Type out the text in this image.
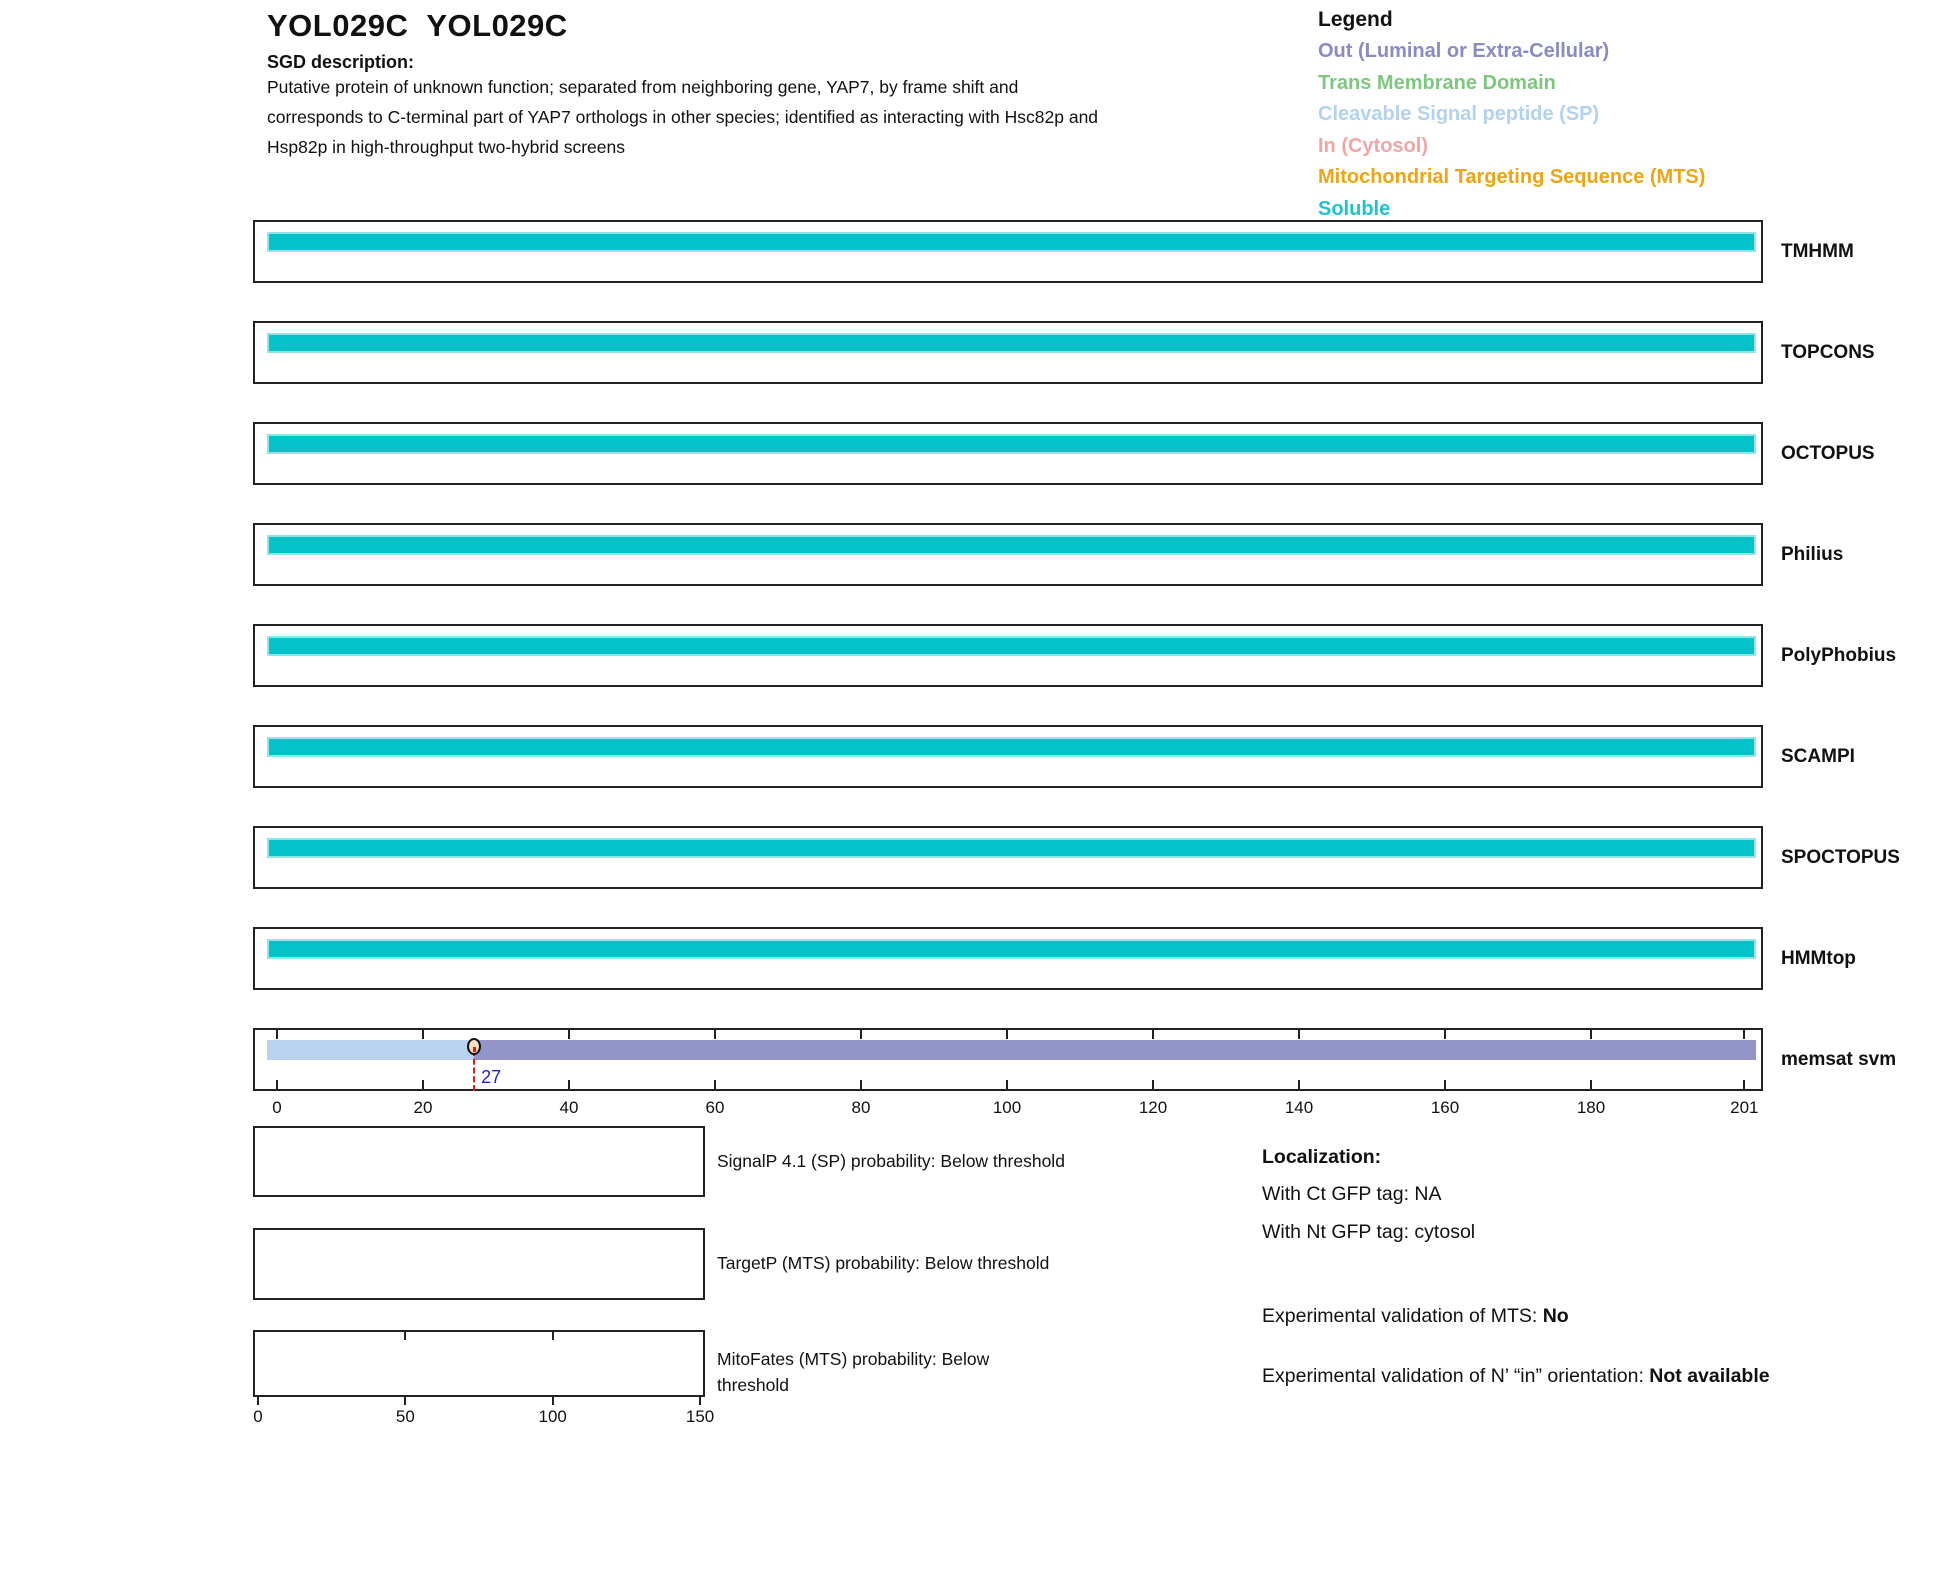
YOL029C YOL029C
SGD description:
Putative protein of unknown function; separated from neighboring gene, YAP7, by frame shift and
corresponds to C-terminal part of YAP7 orthologs in other species; identified as interacting with Hsc82p and
Hsp82p in high-throughput two-hybrid screens
Legend
Out (Luminal or Extra-Cellular)
Trans Membrane Domain
Cleavable Signal peptide (SP)
In (Cytosol)
Mitochondrial Targeting Sequence (MTS)
Soluble
SignalP 4.1 (SP) probability: Below threshold
TargetP (MTS) probability: Below threshold
MitoFates (MTS) probability: Below threshold
Localization:
With Ct GFP tag: NA
With Nt GFP tag: cytosol
Experimental validation of MTS: No
Experimental validation of N’ “in” orientation: Not available
TMHMM
TOPCONS
OCTOPUS
Philius
PolyPhobius
SCAMPI
SPOCTOPUS
HMMtop
memsat svm
0	20	40	60	80	100	120	140	160	180	201
27
0	50	100	150
